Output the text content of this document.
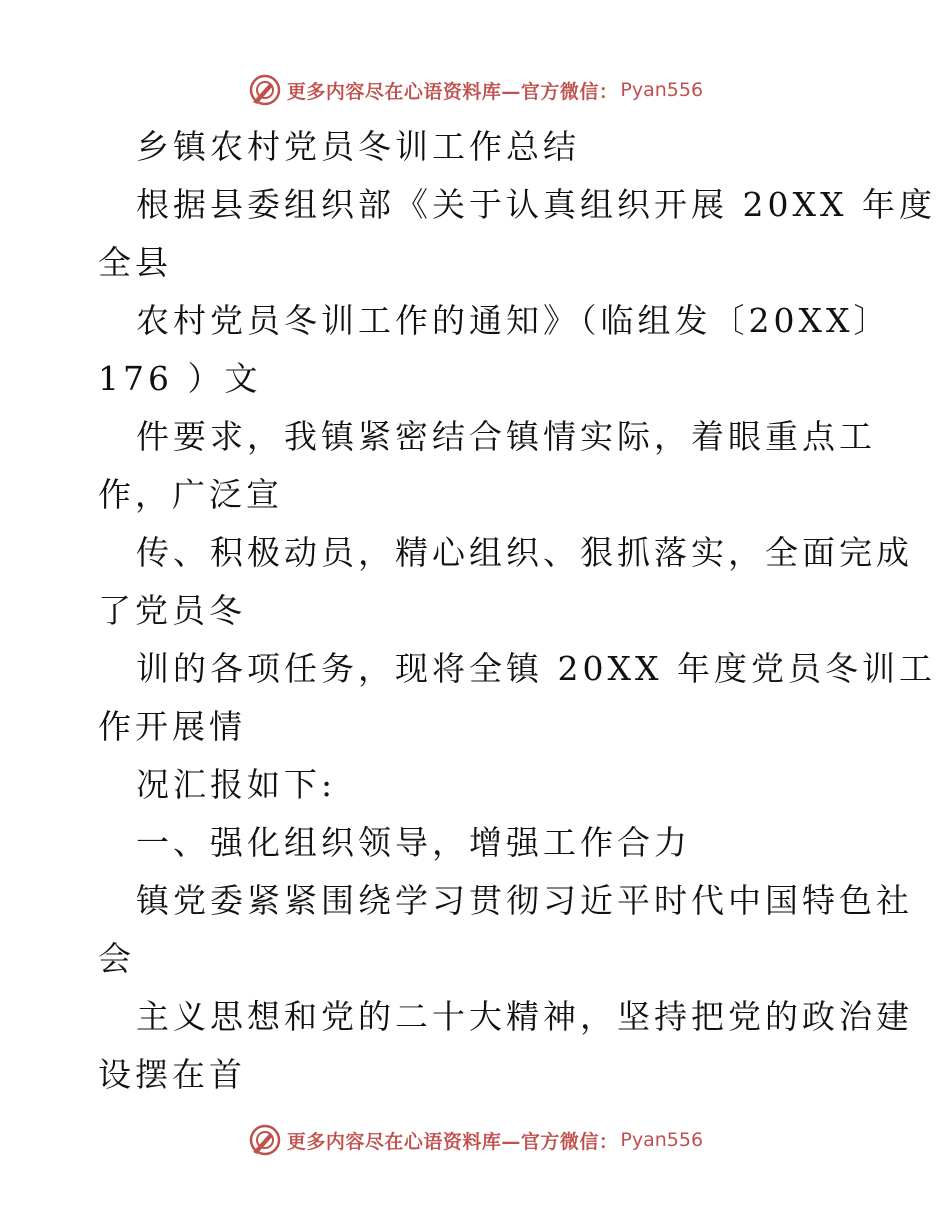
更多内容尽在心语资料库—官方微信： Pyan556
乡镇农村党员冬训工作总结
根据县委组织部《关于认真组织开展 20XX 年度
全县
农村党员冬训工作的通知》（临组发〔20XX〕
176 ）文
件要求，我镇紧密结合镇情实际，着眼重点工
作，广泛宣
传、积极动员，精心组织、狠抓落实，全面完成
了党员冬
训的各项任务，现将全镇 20XX 年度党员冬训工
作开展情
况汇报如下:
一、强化组织领导，增强工作合力
镇党委紧紧围绕学习贯彻习近平时代中国特色社
会
主义思想和党的二十大精神，坚持把党的政治建
设摆在首
更多内容尽在心语资料库—官方微信： Pyan556
